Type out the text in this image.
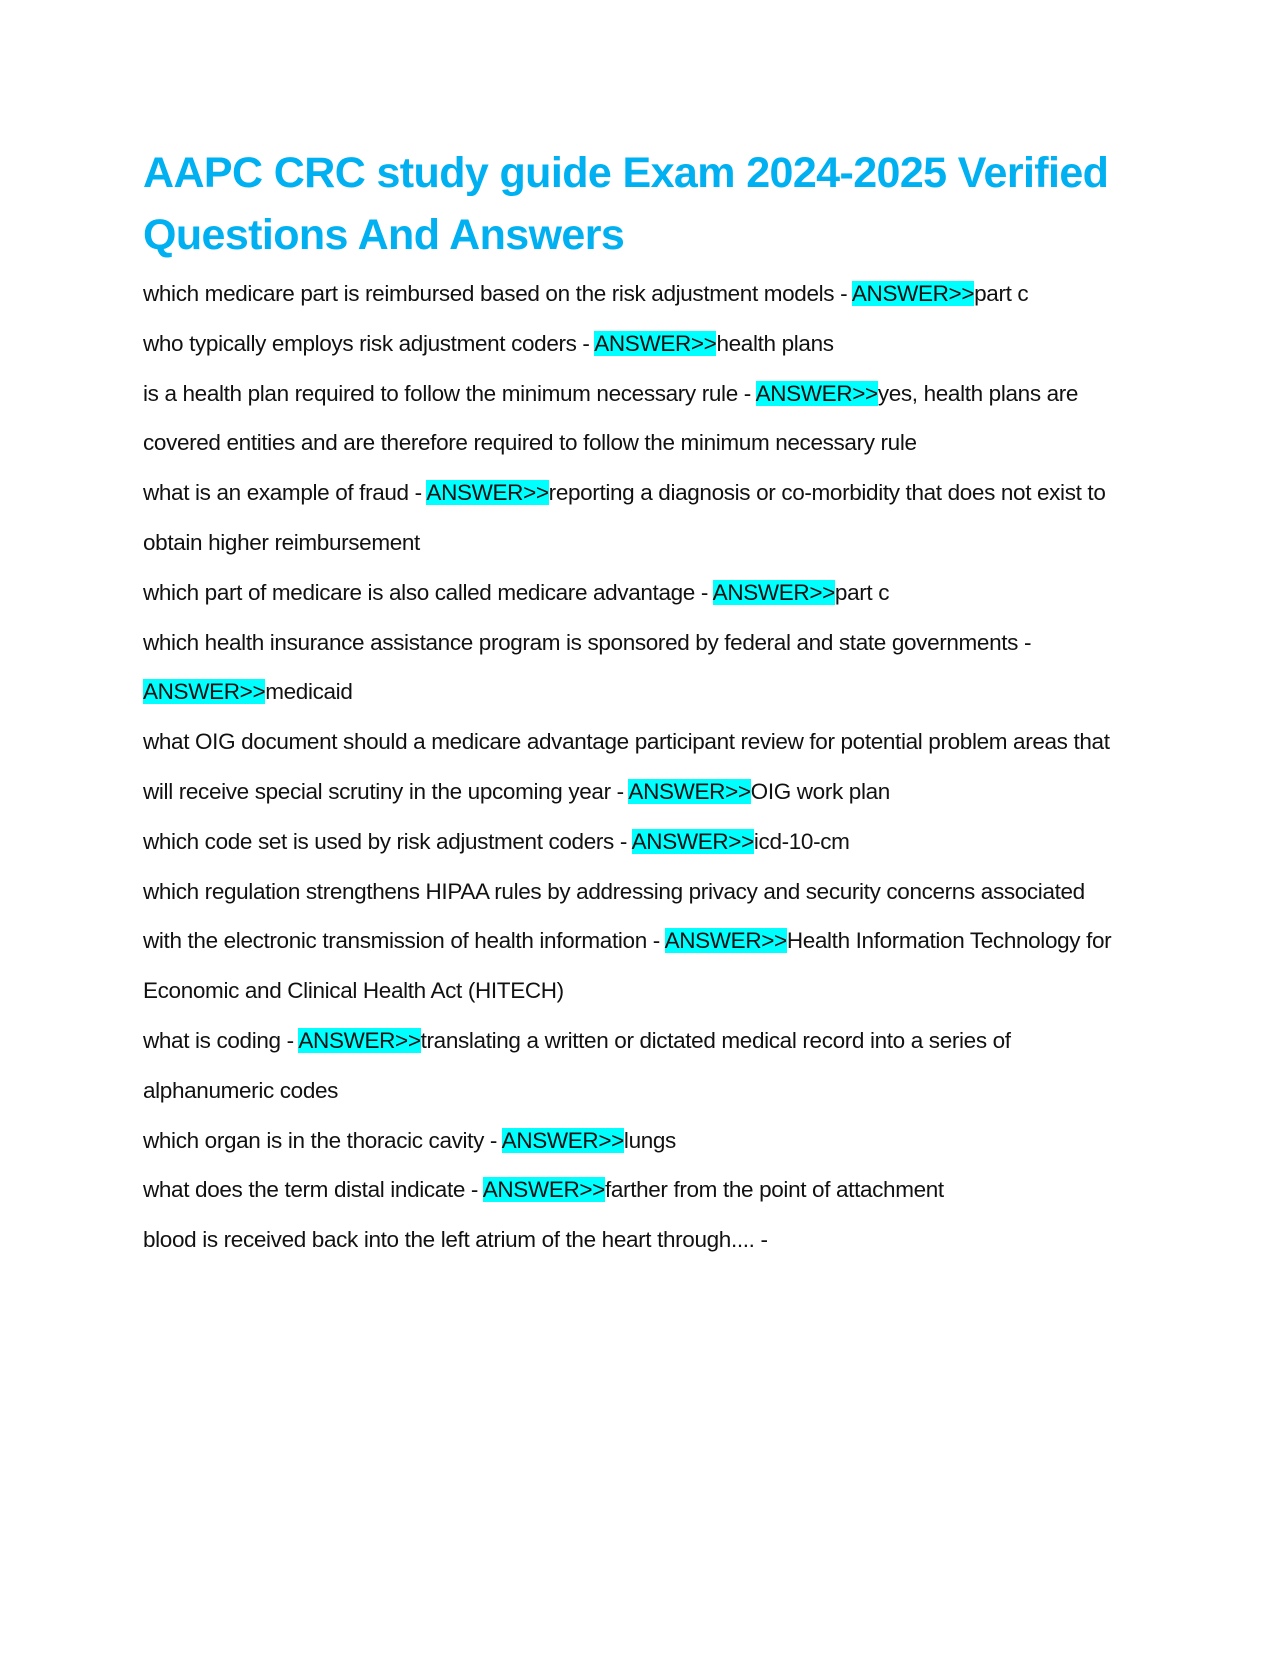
AAPC CRC study guide Exam 2024-2025 Verified Questions And Answers
which medicare part is reimbursed based on the risk adjustment models - ANSWER>>part c
who typically employs risk adjustment coders - ANSWER>>health plans
is a health plan required to follow the minimum necessary rule - ANSWER>>yes, health plans are covered entities and are therefore required to follow the minimum necessary rule
what is an example of fraud - ANSWER>>reporting a diagnosis or co-morbidity that does not exist to obtain higher reimbursement
which part of medicare is also called medicare advantage - ANSWER>>part c
which health insurance assistance program is sponsored by federal and state governments - ANSWER>>medicaid
what OIG document should a medicare advantage participant review for potential problem areas that will receive special scrutiny in the upcoming year - ANSWER>>OIG work plan
which code set is used by risk adjustment coders - ANSWER>>icd-10-cm
which regulation strengthens HIPAA rules by addressing privacy and security concerns associated with the electronic transmission of health information - ANSWER>>Health Information Technology for Economic and Clinical Health Act (HITECH)
what is coding - ANSWER>>translating a written or dictated medical record into a series of alphanumeric codes
which organ is in the thoracic cavity - ANSWER>>lungs
what does the term distal indicate - ANSWER>>farther from the point of attachment
blood is received back into the left atrium of the heart through.... -
